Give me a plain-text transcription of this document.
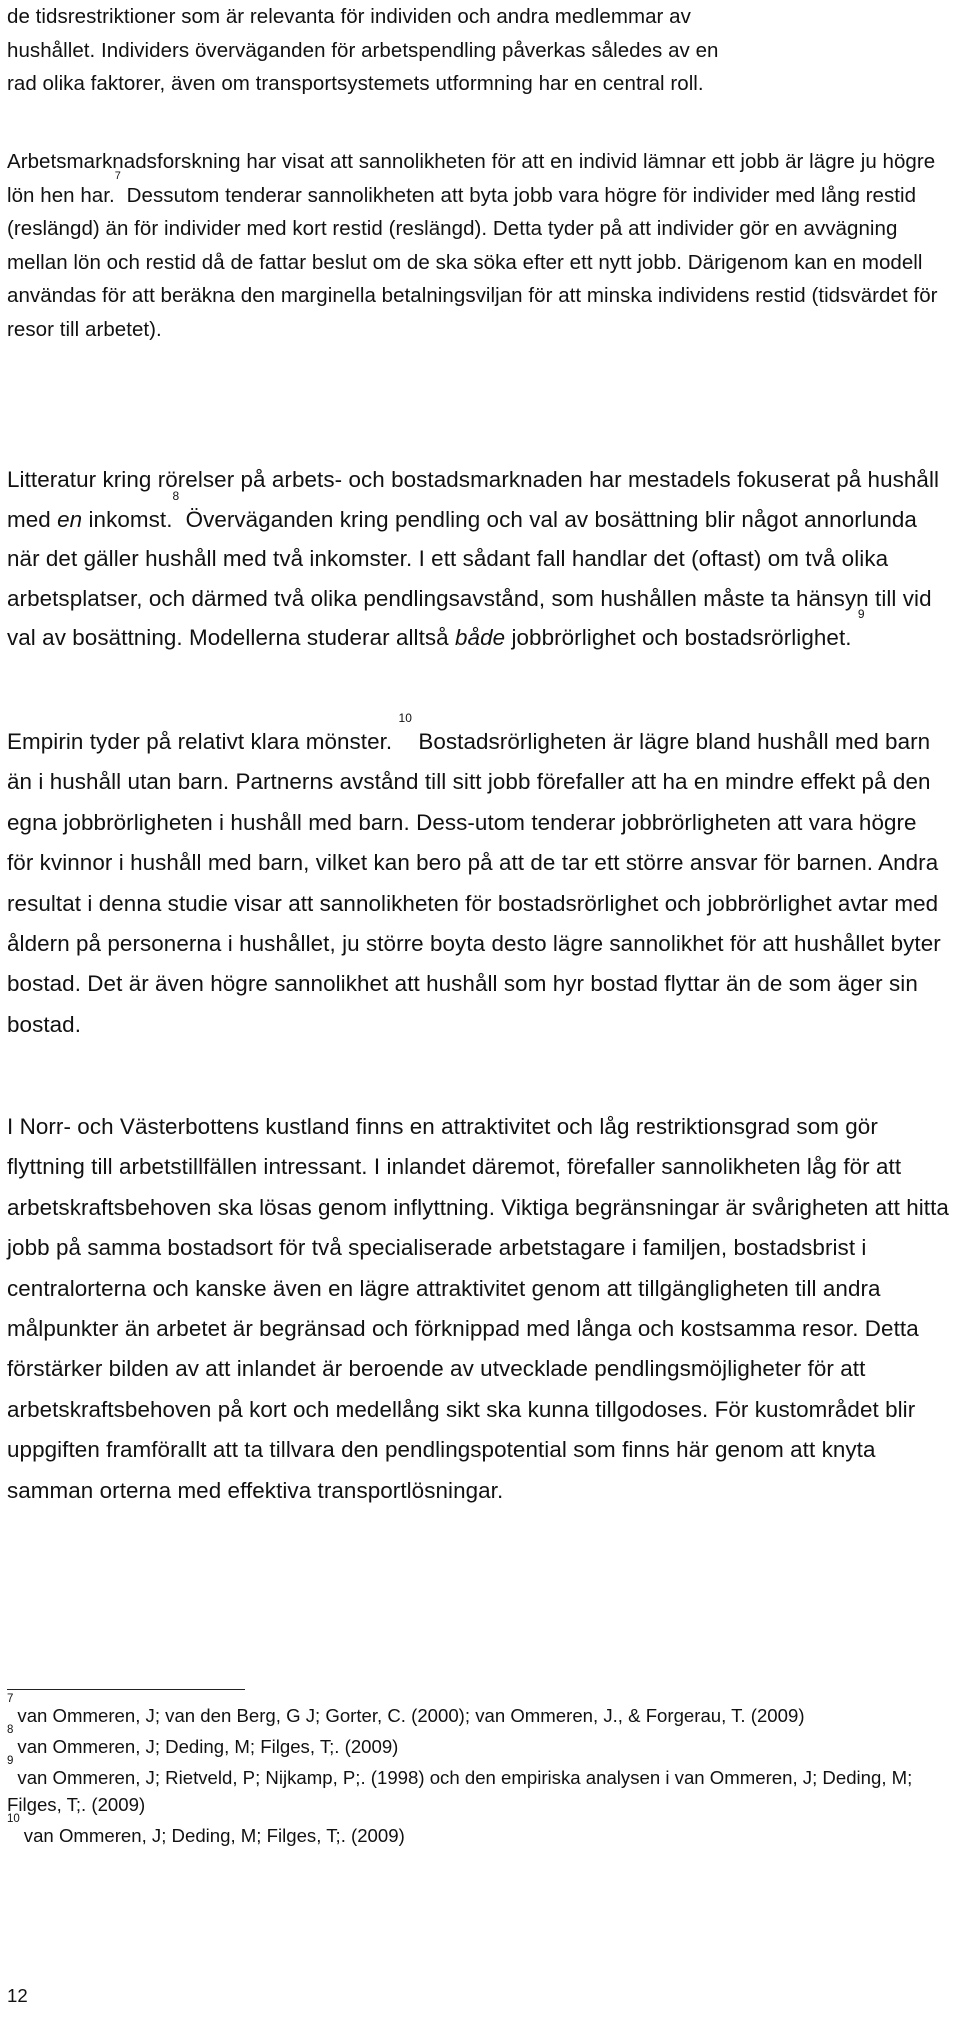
de tidsrestriktioner som är relevanta för individen och andra medlemmar av
hushållet. Individers överväganden för arbetspendling påverkas således av en
rad olika faktorer, även om transportsystemets utformning har en central roll.

Arbetsmarknadsforskning har visat att sannolikheten för att en individ lämnar ett jobb är lägre ju högre lön hen har.$^7$ Dessutom tenderar sannolikheten att byta jobb vara högre för individer med lång restid (reslängd) än för individer med kort restid (reslängd). Detta tyder på att individer gör en avvägning mellan lön och restid då de fattar beslut om de ska söka efter ett nytt jobb. Därigenom kan en modell användas för att beräkna den marginella betalningsviljan för att minska individens restid (tidsvärdet för resor till arbetet).

Litteratur kring rörelser på arbets- och bostadsmarknaden har mestadels fokuserat på hushåll med en inkomst.$^8$ Överväganden kring pendling och val av bosättning blir något annorlunda när det gäller hushåll med två inkomster. I ett sådant fall handlar det (oftast) om två olika arbetsplatser, och därmed två olika pendlingsavstånd, som hushållen måste ta hänsyn till vid val av bosättning. Modellerna studerar alltså både jobbrörlighet och bostadsrörlighet. $^9$

Empirin tyder på relativt klara mönster. $^{10}$ Bostadsrörligheten är lägre bland hushåll med barn än i hushåll utan barn. Partnerns avstånd till sitt jobb förefaller att ha en mindre effekt på den egna jobbrörligheten i hushåll med barn. Dess-utom tenderar jobbrörligheten att vara högre för kvinnor i hushåll med barn, vilket kan bero på att de tar ett större ansvar för barnen. Andra resultat i denna studie visar att sannolikheten för bostadsrörlighet och jobbrörlighet avtar med åldern på personerna i hushållet, ju större boyta desto lägre sannolikhet för att hushållet byter bostad. Det är även högre sannolikhet att hushåll som hyr bostad flyttar än de som äger sin bostad.

I Norr- och Västerbottens kustland finns en attraktivitet och låg restriktionsgrad som gör flyttning till arbetstillfällen intressant. I inlandet däremot, förefaller sannolikheten låg för att arbetskraftsbehoven ska lösas genom inflyttning. Viktiga begränsningar är svårigheten att hitta jobb på samma bostadsort för två specialiserade arbetstagare i familjen, bostadsbrist i centralorterna och kanske även en lägre attraktivitet genom att tillgängligheten till andra målpunkter än arbetet är begränsad och förknippad med långa och kostsamma resor. Detta förstärker bilden av att inlandet är beroende av utvecklade pendlingsmöjligheter för att arbetskraftsbehoven på kort och medellång sikt ska kunna tillgodoses. För kustområdet blir uppgiften framförallt att ta tillvara den pendlingspotential som finns här genom att knyta samman orterna med effektiva transportlösningar.

$^7$van Ommeren, J; van den Berg, G J; Gorter, C. (2000); van Ommeren, J., & Forgerau, T. (2009)
$^8$van Ommeren, J; Deding, M; Filges, T;. (2009)
$^9$van Ommeren, J; Rietveld, P; Nijkamp, P;. (1998) och den empiriska analysen i van Ommeren, J; Deding, M; Filges, T;. (2009)
$^{10}$van Ommeren, J; Deding, M; Filges, T;. (2009)
12
